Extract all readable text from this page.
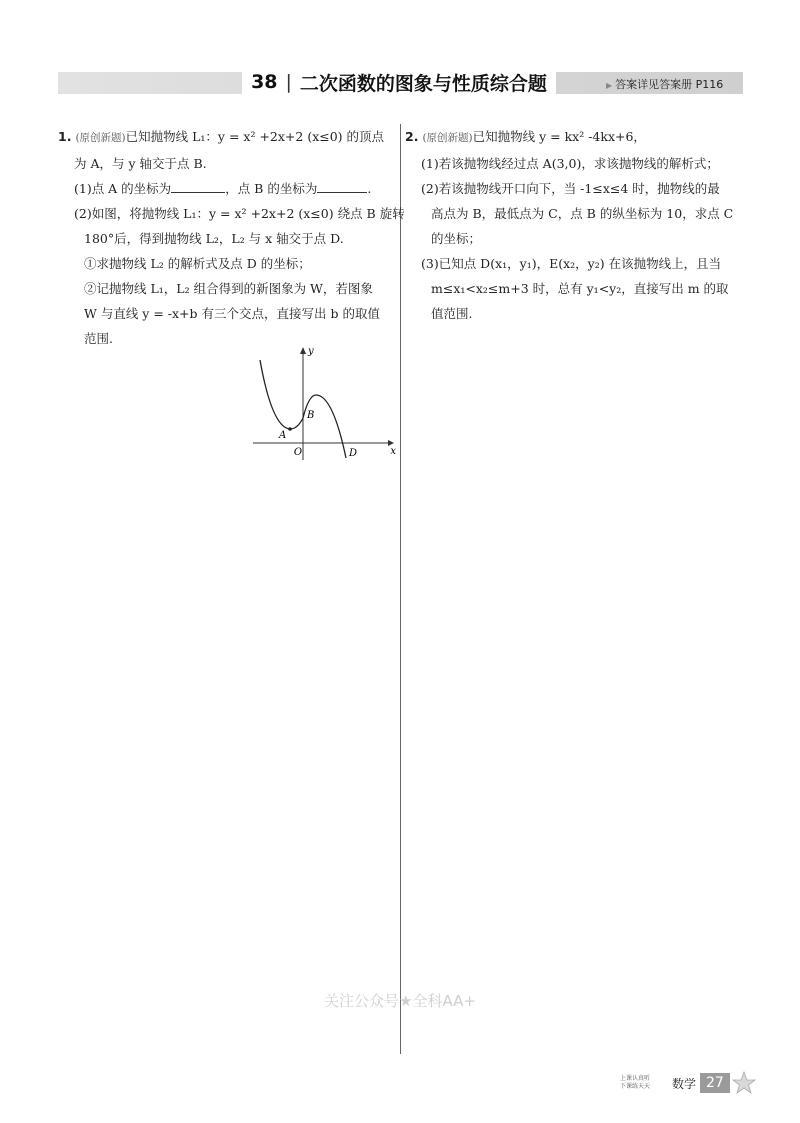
38 | 二次函数的图象与性质综合题	▶ 答案详见答案册 P116
1. (原创新题)已知抛物线 L₁：y = x² +2x+2 (x≤0) 的顶点
为 A，与 y 轴交于点 B.
(1)点 A 的坐标为	，点 B 的坐标为	.
(2)如图，将抛物线 L₁：y = x² +2x+2 (x≤0) 绕点 B 旋转
180°后，得到抛物线 L₂，L₂ 与 x 轴交于点 D.
①求抛物线 L₂ 的解析式及点 D 的坐标；
②记抛物线 L₁，L₂ 组合得到的新图象为 W，若图象
W 与直线 y = -x+b 有三个交点，直接写出 b 的取值
范围.
x
y
O
A
B
D
2. (原创新题)已知抛物线 y = kx² -4kx+6，
(1)若该抛物线经过点 A(3,0)，求该抛物线的解析式；
(2)若该抛物线开口向下，当 -1≤x≤4 时，抛物线的最
高点为 B，最低点为 C，点 B 的纵坐标为 10，求点 C
的坐标；
(3)已知点 D(x₁，y₁)，E(x₂，y₂) 在该抛物线上，且当
m≤x₁<x₂≤m+3 时，总有 y₁<y₂，直接写出 m 的取
值范围.
关注公众号★全科AA+
上课认真听
下课练天天	数学 27
